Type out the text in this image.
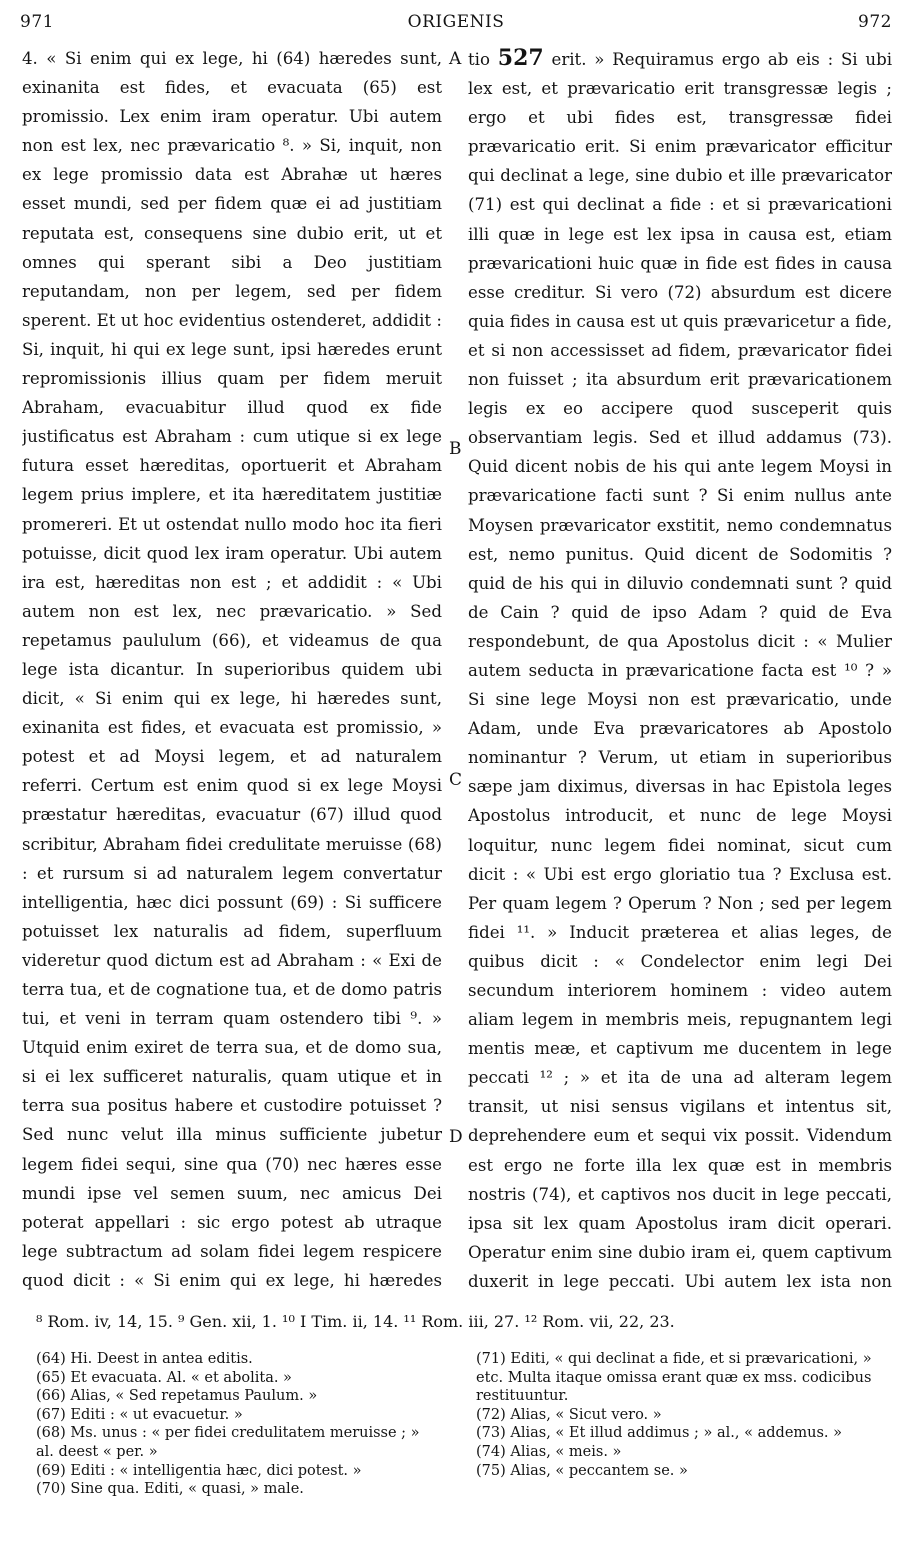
971	ORIGENIS	972

4. « Si enim qui ex lege, hi (64) hæredes sunt, exinanita est fides, et evacuata (65) est promissio. Lex enim iram operatur. Ubi autem non est lex, nec prævaricatio ⁸. » Si, inquit, non ex lege promissio data est Abrahæ ut hæres esset mundi, sed per fidem quæ ei ad justitiam reputata est, consequens sine dubio erit, ut et omnes qui sperant sibi a Deo justitiam reputandam, non per legem, sed per fidem sperent. Et ut hoc evidentius ostenderet, addidit : Si, inquit, hi qui ex lege sunt, ipsi hæredes erunt repromissionis illius quam per fidem meruit Abraham, evacuabitur illud quod ex fide justificatus est Abraham : cum utique si ex lege futura esset hæreditas, oportuerit et Abraham legem prius implere, et ita hæreditatem justitiæ promereri. Et ut ostendat nullo modo hoc ita fieri potuisse, dicit quod lex iram operatur. Ubi autem ira est, hæreditas non est ; et addidit : « Ubi autem non est lex, nec prævaricatio. » Sed repetamus paululum (66), et videamus de qua lege ista dicantur. In superioribus quidem ubi dicit, « Si enim qui ex lege, hi hæredes sunt, exinanita est fides, et evacuata est promissio, » potest et ad Moysi legem, et ad naturalem referri. Certum est enim quod si ex lege Moysi præstatur hæreditas, evacuatur (67) illud quod scribitur, Abraham fidei credulitate meruisse (68) : et rursum si ad naturalem legem convertatur intelligentia, hæc dici possunt (69) : Si sufficere potuisset lex naturalis ad fidem, superfluum videretur quod dictum est ad Abraham : « Exi de terra tua, et de cognatione tua, et de domo patris tui, et veni in terram quam ostendero tibi ⁹. » Utquid enim exiret de terra sua, et de domo sua, si ei lex sufficeret naturalis, quam utique et in terra sua positus habere et custodire potuisset ? Sed nunc velut illa minus sufficiente jubetur legem fidei sequi, sine qua (70) nec hæres esse mundi ipse vel semen suum, nec amicus Dei poterat appellari : sic ergo potest ab utraque lege subtractum ad solam fidei legem respicere quod dicit : « Si enim qui ex lege, hi hæredes

tio 527 erit. » Requiramus ergo ab eis : Si ubi lex est, et prævaricatio erit transgressæ legis ; ergo et ubi fides est, transgressæ fidei prævaricatio erit. Si enim prævaricator efficitur qui declinat a lege, sine dubio et ille prævaricator (71) est qui declinat a fide : et si prævaricationi illi quæ in lege est lex ipsa in causa est, etiam prævaricationi huic quæ in fide est fides in causa esse creditur. Si vero (72) absurdum est dicere quia fides in causa est ut quis prævaricetur a fide, et si non accessisset ad fidem, prævaricator fidei non fuisset ; ita absurdum erit prævaricationem legis ex eo accipere quod susceperit quis observantiam legis. Sed et illud addamus (73). Quid dicent nobis de his qui ante legem Moysi in prævaricatione facti sunt ? Si enim nullus ante Moysen prævaricator exstitit, nemo condemnatus est, nemo punitus. Quid dicent de Sodomitis ? quid de his qui in diluvio condemnati sunt ? quid de Cain ? quid de ipso Adam ? quid de Eva respondebunt, de qua Apostolus dicit : « Mulier autem seducta in prævaricatione facta est ¹⁰ ? » Si sine lege Moysi non est prævaricatio, unde Adam, unde Eva prævaricatores ab Apostolo nominantur ? Verum, ut etiam in superioribus sæpe jam diximus, diversas in hac Epistola leges Apostolus introducit, et nunc de lege Moysi loquitur, nunc legem fidei nominat, sicut cum dicit : « Ubi est ergo gloriatio tua ? Exclusa est. Per quam legem ? Operum ? Non ; sed per legem fidei ¹¹. » Inducit præterea et alias leges, de quibus dicit : « Condelector enim legi Dei secundum interiorem hominem : video autem aliam legem in membris meis, repugnantem legi mentis meæ, et captivum me ducentem in lege peccati ¹² ; » et ita de una ad alteram legem transit, ut nisi sensus vigilans et intentus sit, deprehendere eum et sequi vix possit. Videndum est ergo ne forte illa lex quæ est in membris nostris (74), et captivos nos ducit in lege peccati, ipsa sit lex quam Apostolus iram dicit operari. Operatur enim sine dubio iram ei, quem captivum duxerit in lege peccati. Ubi autem lex ista non

A
B
C
D
⁸ Rom. iv, 14, 15. ⁹ Gen. xii, 1. ¹⁰ I Tim. ii, 14. ¹¹ Rom. iii, 27. ¹² Rom. vii, 22, 23.
(64) Hi. Deest in antea editis.
(65) Et evacuata. Al. « et abolita. »
(66) Alias, « Sed repetamus Paulum. »
(67) Editi : « ut evacuetur. »
(68) Ms. unus : « per fidei credulitatem meruisse ; » al. deest « per. »
(69) Editi : « intelligentia hæc, dici potest. »
(70) Sine qua. Editi, « quasi, » male.
(71) Editi, « qui declinat a fide, et si prævaricationi, » etc. Multa itaque omissa erant quæ ex mss. codicibus restituuntur.
(72) Alias, « Sicut vero. »
(73) Alias, « Et illud addimus ; » al., « addemus. »
(74) Alias, « meis. »
(75) Alias, « peccantem se. »
